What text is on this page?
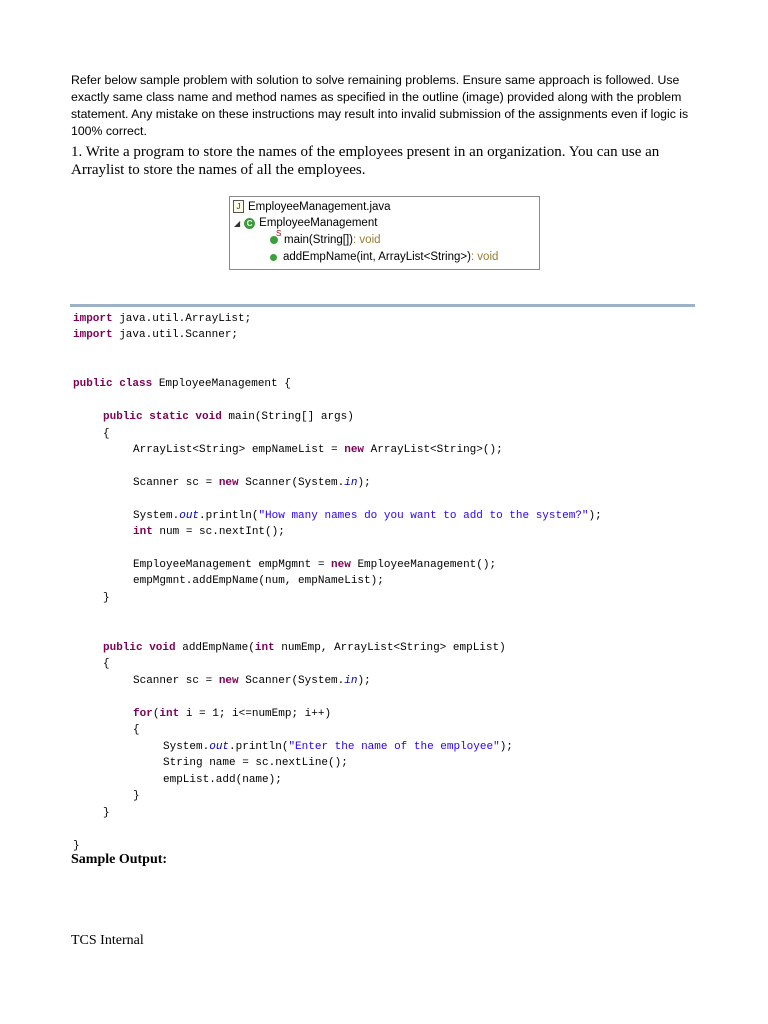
Refer below sample problem with solution to solve remaining problems. Ensure same approach is followed. Use exactly same class name and method names as specified in the outline (image) provided along with the problem statement. Any mistake on these instructions may result into invalid submission of the assignments even if logic is 100% correct.

1. Write a program to store the names of the employees present in an organization. You can use an Arraylist to store the names of all the employees.

J EmployeeManagement.java
◢ C EmployeeManagement
S
main(String[]) : void
addEmpName(int, ArrayList<String>) : void
import java.util.ArrayList;
import java.util.Scanner;
public class EmployeeManagement {
public static void main(String[] args)
{
ArrayList<String> empNameList = new ArrayList<String>();
Scanner sc = new Scanner(System.in);
System.out.println("How many names do you want to add to the system?");
int num = sc.nextInt();
EmployeeManagement empMgmnt = new EmployeeManagement();
empMgmnt.addEmpName(num, empNameList);
}
public void addEmpName(int numEmp, ArrayList<String> empList)
{
Scanner sc = new Scanner(System.in);
for(int i = 1; i<=numEmp; i++)
{
System.out.println("Enter the name of the employee");
String name = sc.nextLine();
empList.add(name);
}
}
}

Sample Output:

TCS Internal
